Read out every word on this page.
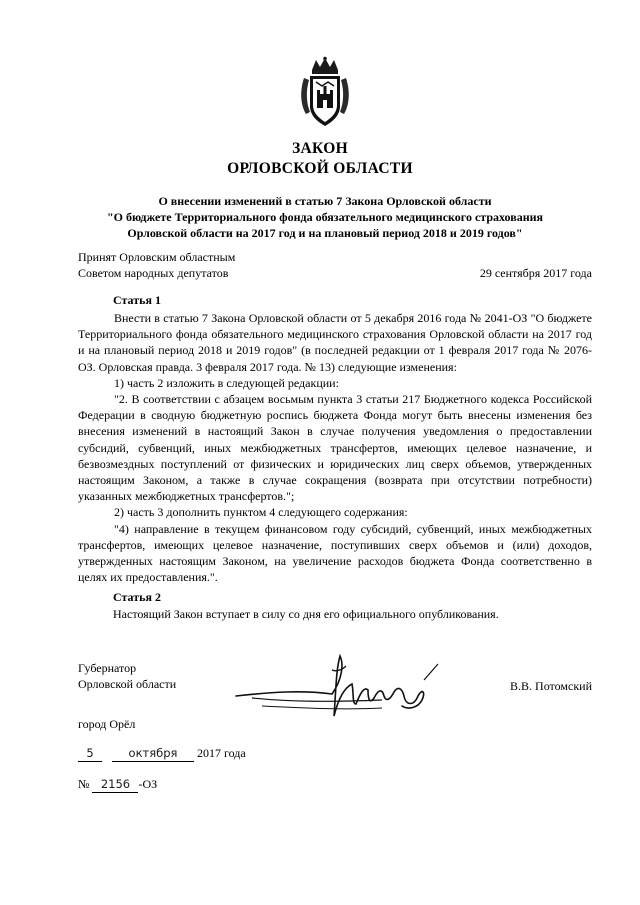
ЗАКОН
ОРЛОВСКОЙ ОБЛАСТИ
О внесении изменений в статью 7 Закона Орловской области
"О бюджете Территориального фонда обязательного медицинского страхования
Орловской области на 2017 год и на плановый период 2018 и 2019 годов"
Принят Орловским областным
Советом народных депутатов	29 сентября 2017 года
Статья 1

Внести в статью 7 Закона Орловской области от 5 декабря 2016 года № 2041-ОЗ "О бюджете Территориального фонда обязательного медицинского страхования Орловской области на 2017 год и на плановый период 2018 и 2019 годов" (в последней редакции от 1 февраля 2017 года № 2076-ОЗ. Орловская правда. 3 февраля 2017 года. № 13) следующие изменения:

1) часть 2 изложить в следующей редакции:

"2. В соответствии с абзацем восьмым пункта 3 статьи 217 Бюджетного кодекса Российской Федерации в сводную бюджетную роспись бюджета Фонда могут быть внесены изменения без внесения изменений в настоящий Закон в случае получения уведомления о предоставлении субсидий, субвенций, иных межбюджетных трансфертов, имеющих целевое назначение, и безвозмездных поступлений от физических и юридических лиц сверх объемов, утвержденных настоящим Законом, а также в случае сокращения (возврата при отсутствии потребности) указанных межбюджетных трансфертов.";

2) часть 3 дополнить пунктом 4 следующего содержания:

"4) направление в текущем финансовом году субсидий, субвенций, иных межбюджетных трансфертов, имеющих целевое назначение, поступивших сверх объемов и (или) доходов, утвержденных настоящим Законом, на увеличение расходов бюджета Фонда соответственно в целях их предоставления.".

Статья 2
Настоящий Закон вступает в силу со дня его официального опубликования.
Губернатор
Орловской области	В.В. Потомский
город Орёл
5	октября 2017 года
№ 2156 -ОЗ
